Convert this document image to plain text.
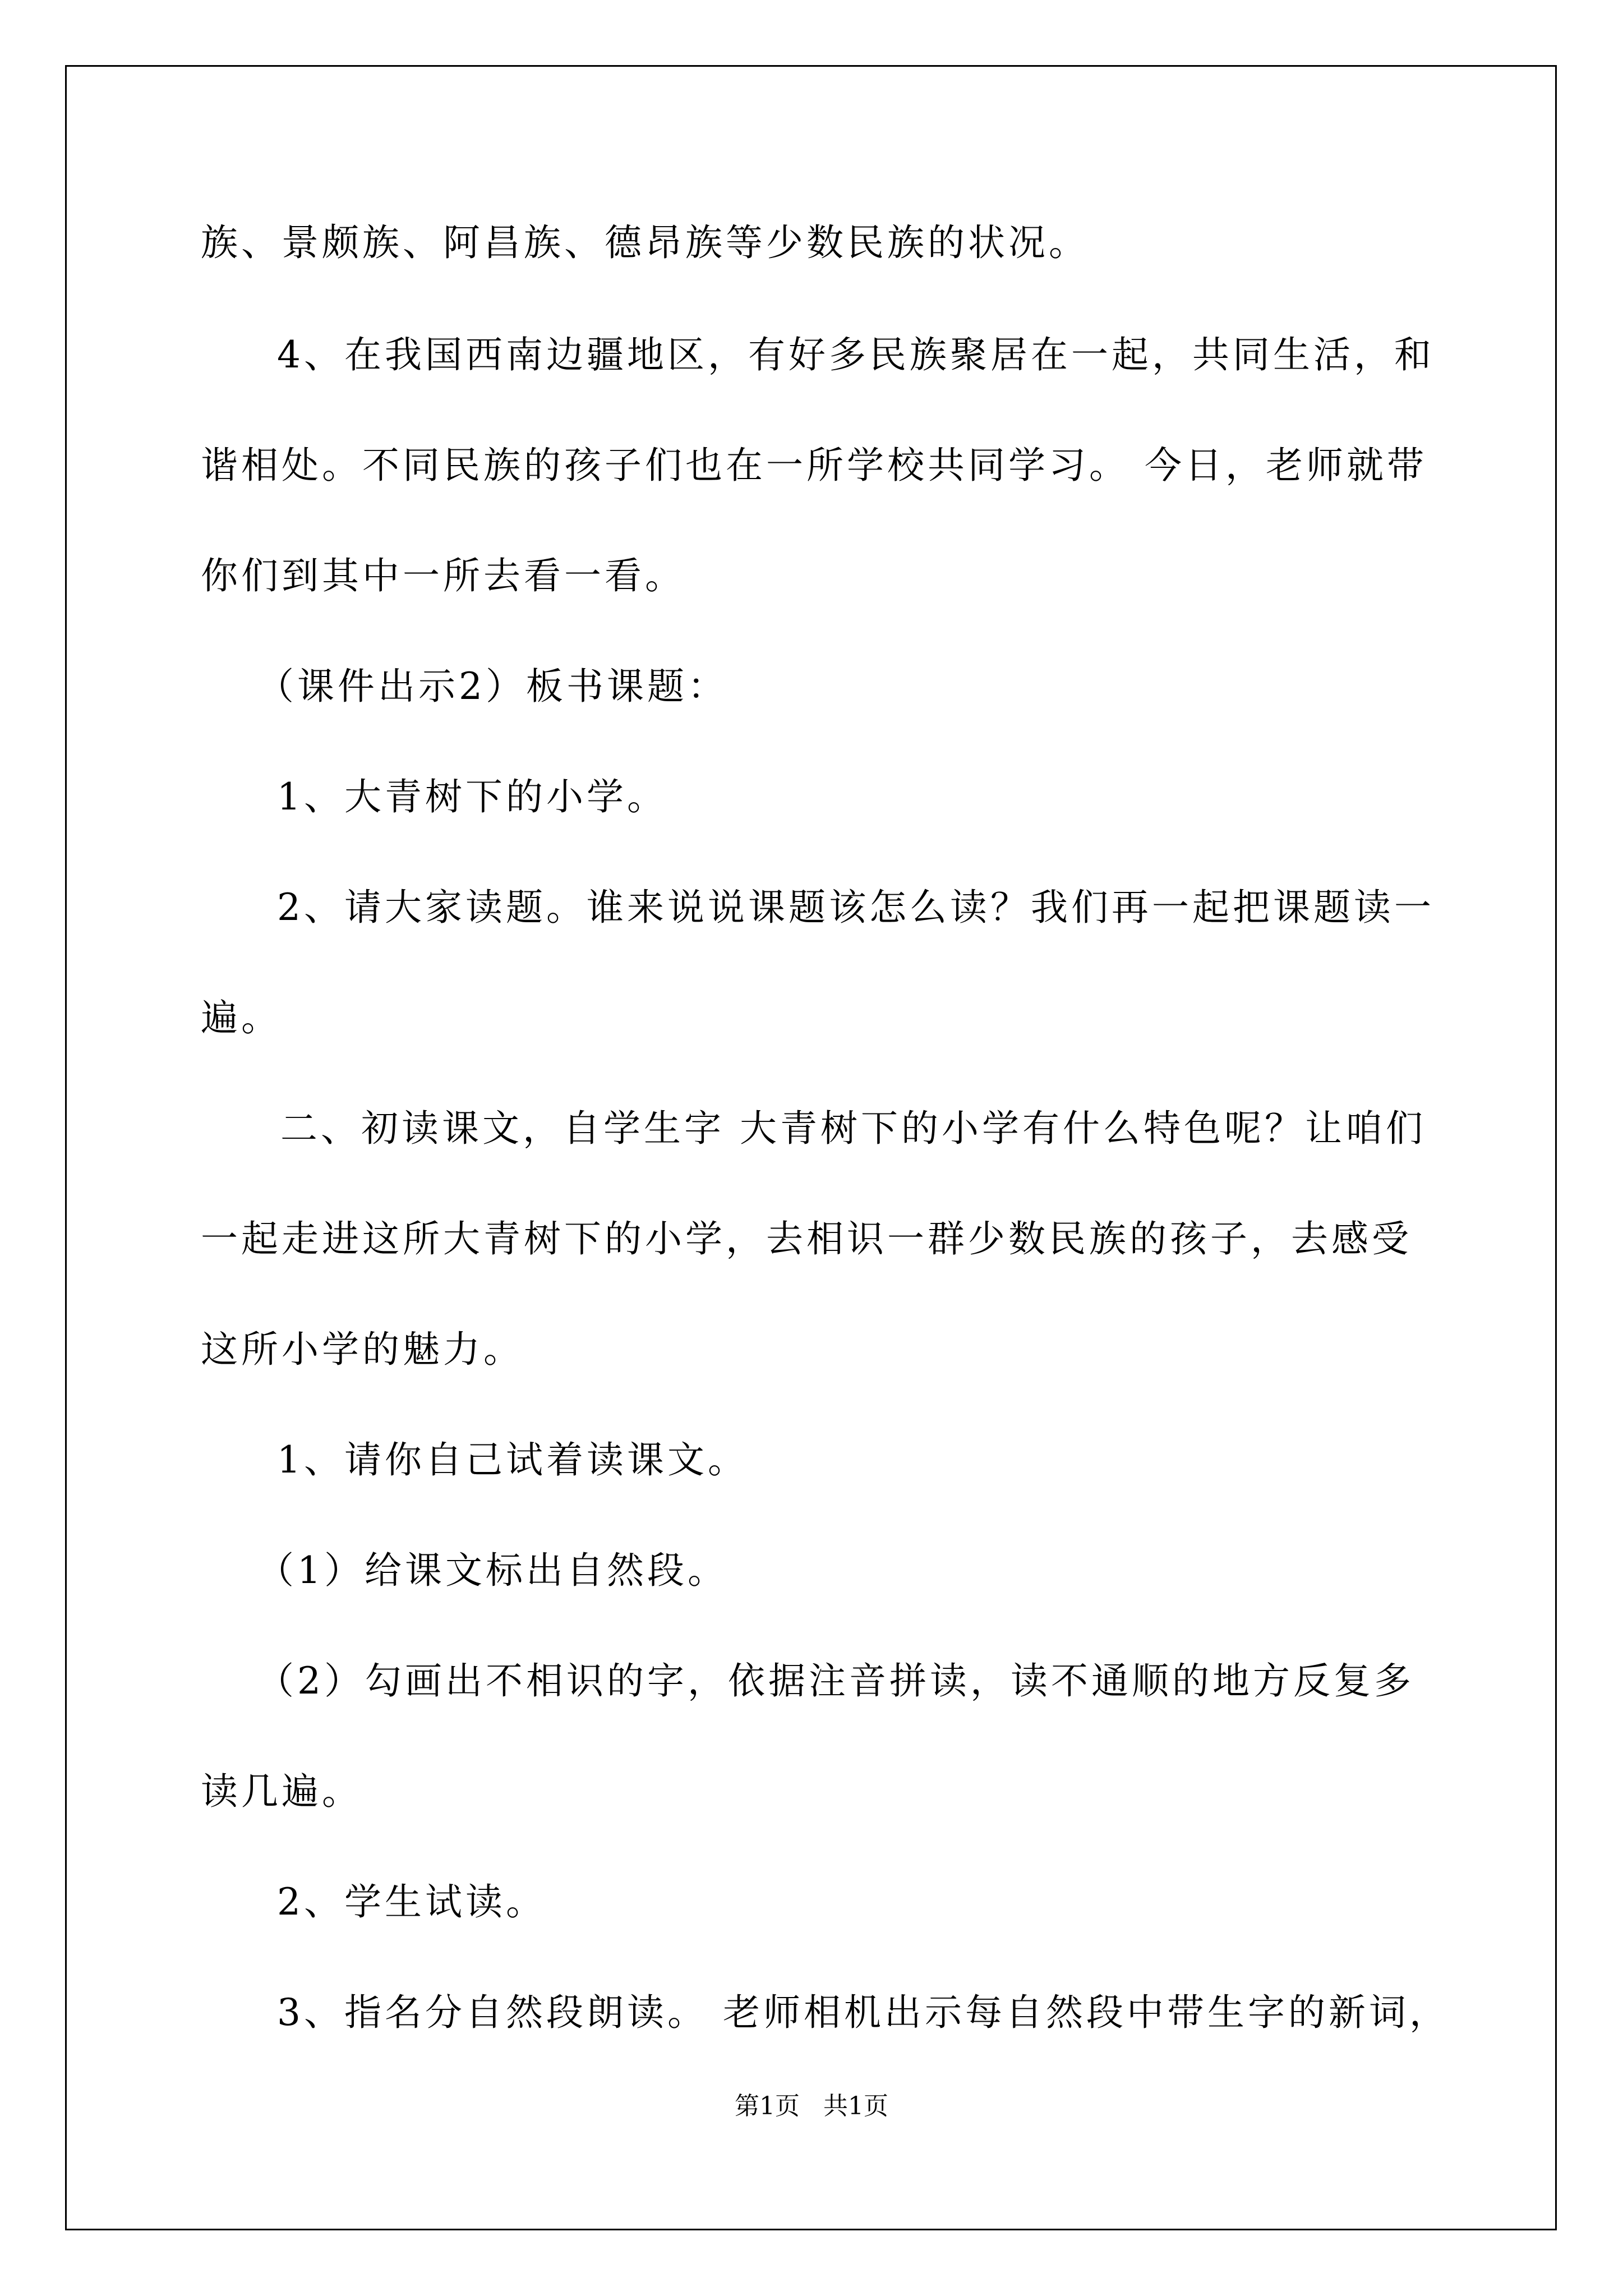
族、景颇族、阿昌族、德昂族等少数民族的状况。
4、在我国西南边疆地区，有好多民族聚居在一起，共同生活，和
谐相处。不同民族的孩子们也在一所学校共同学习。 今日，老师就带
你们到其中一所去看一看。
（课件出示2）板书课题：
1、大青树下的小学。
2、请大家读题。谁来说说课题该怎么读？我们再一起把课题读一
遍。
二、初读课文，自学生字 大青树下的小学有什么特色呢？让咱们
一起走进这所大青树下的小学，去相识一群少数民族的孩子，去感受
这所小学的魅力。
1、请你自己试着读课文。
（1）给课文标出自然段。
（2）勾画出不相识的字，依据注音拼读，读不通顺的地方反复多
读几遍。
2、学生试读。
3、指名分自然段朗读。 老师相机出示每自然段中带生字的新词，
第1页   共1页
